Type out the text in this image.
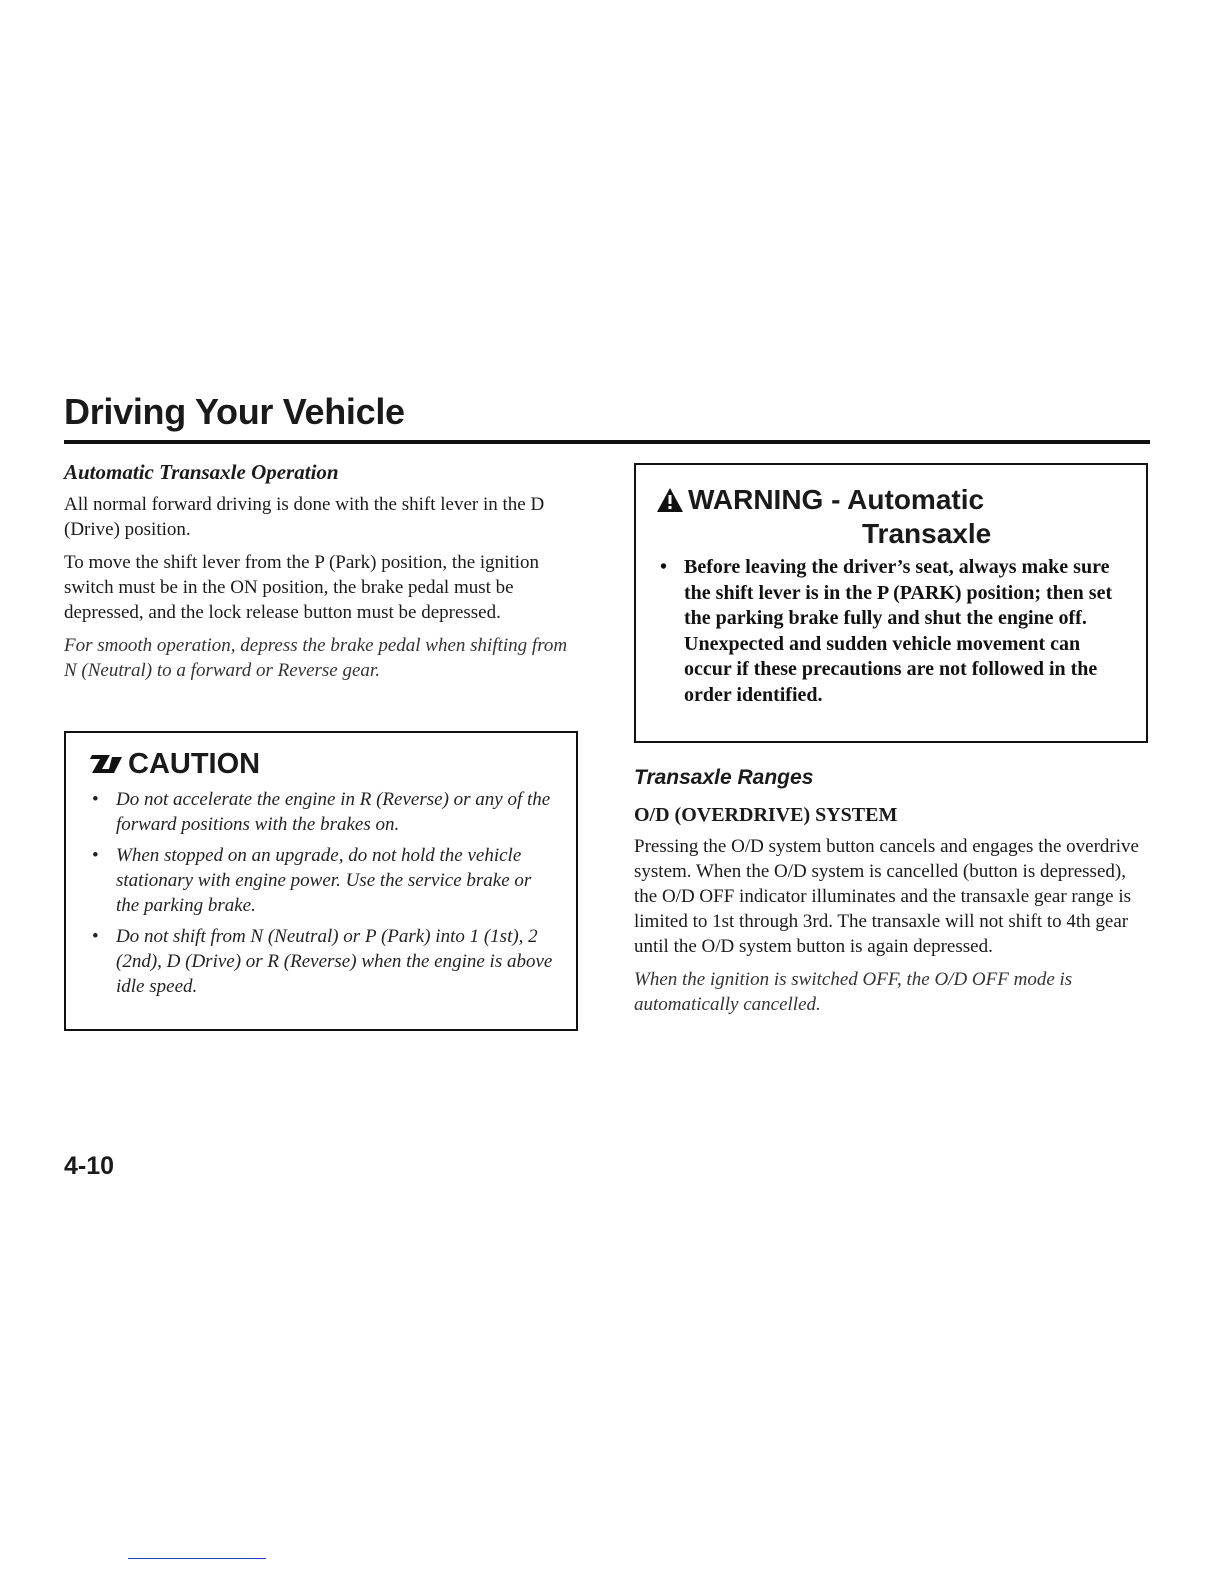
Driving Your Vehicle
Automatic Transaxle Operation

All normal forward driving is done with the shift lever in the D (Drive) position.

To move the shift lever from the P (Park) position, the ignition switch must be in the ON position, the brake pedal must be depressed, and the lock release button must be depressed.

For smooth operation, depress the brake pedal when shifting from N (Neutral) to a forward or Reverse gear.

CAUTION
• Do not accelerate the engine in R (Reverse) or any of the forward positions with the brakes on.
• When stopped on an upgrade, do not hold the vehicle stationary with engine power. Use the service brake or the parking brake.
• Do not shift from N (Neutral) or P (Park) into 1 (1st), 2 (2nd), D (Drive) or R (Reverse) when the engine is above idle speed.
WARNING - Automatic
Transaxle
• Before leaving the driver’s seat, always make sure the shift lever is in the P (PARK) position; then set the parking brake fully and shut the engine off. Unexpected and sudden vehicle movement can occur if these precautions are not followed in the order identified.
Transaxle Ranges
O/D (OVERDRIVE) SYSTEM

Pressing the O/D system button cancels and engages the overdrive system. When the O/D system is cancelled (button is depressed), the O/D OFF indicator illuminates and the transaxle gear range is limited to 1st through 3rd. The transaxle will not shift to 4th gear until the O/D system button is again depressed.

When the ignition is switched OFF, the O/D OFF mode is automatically cancelled.

4-10
